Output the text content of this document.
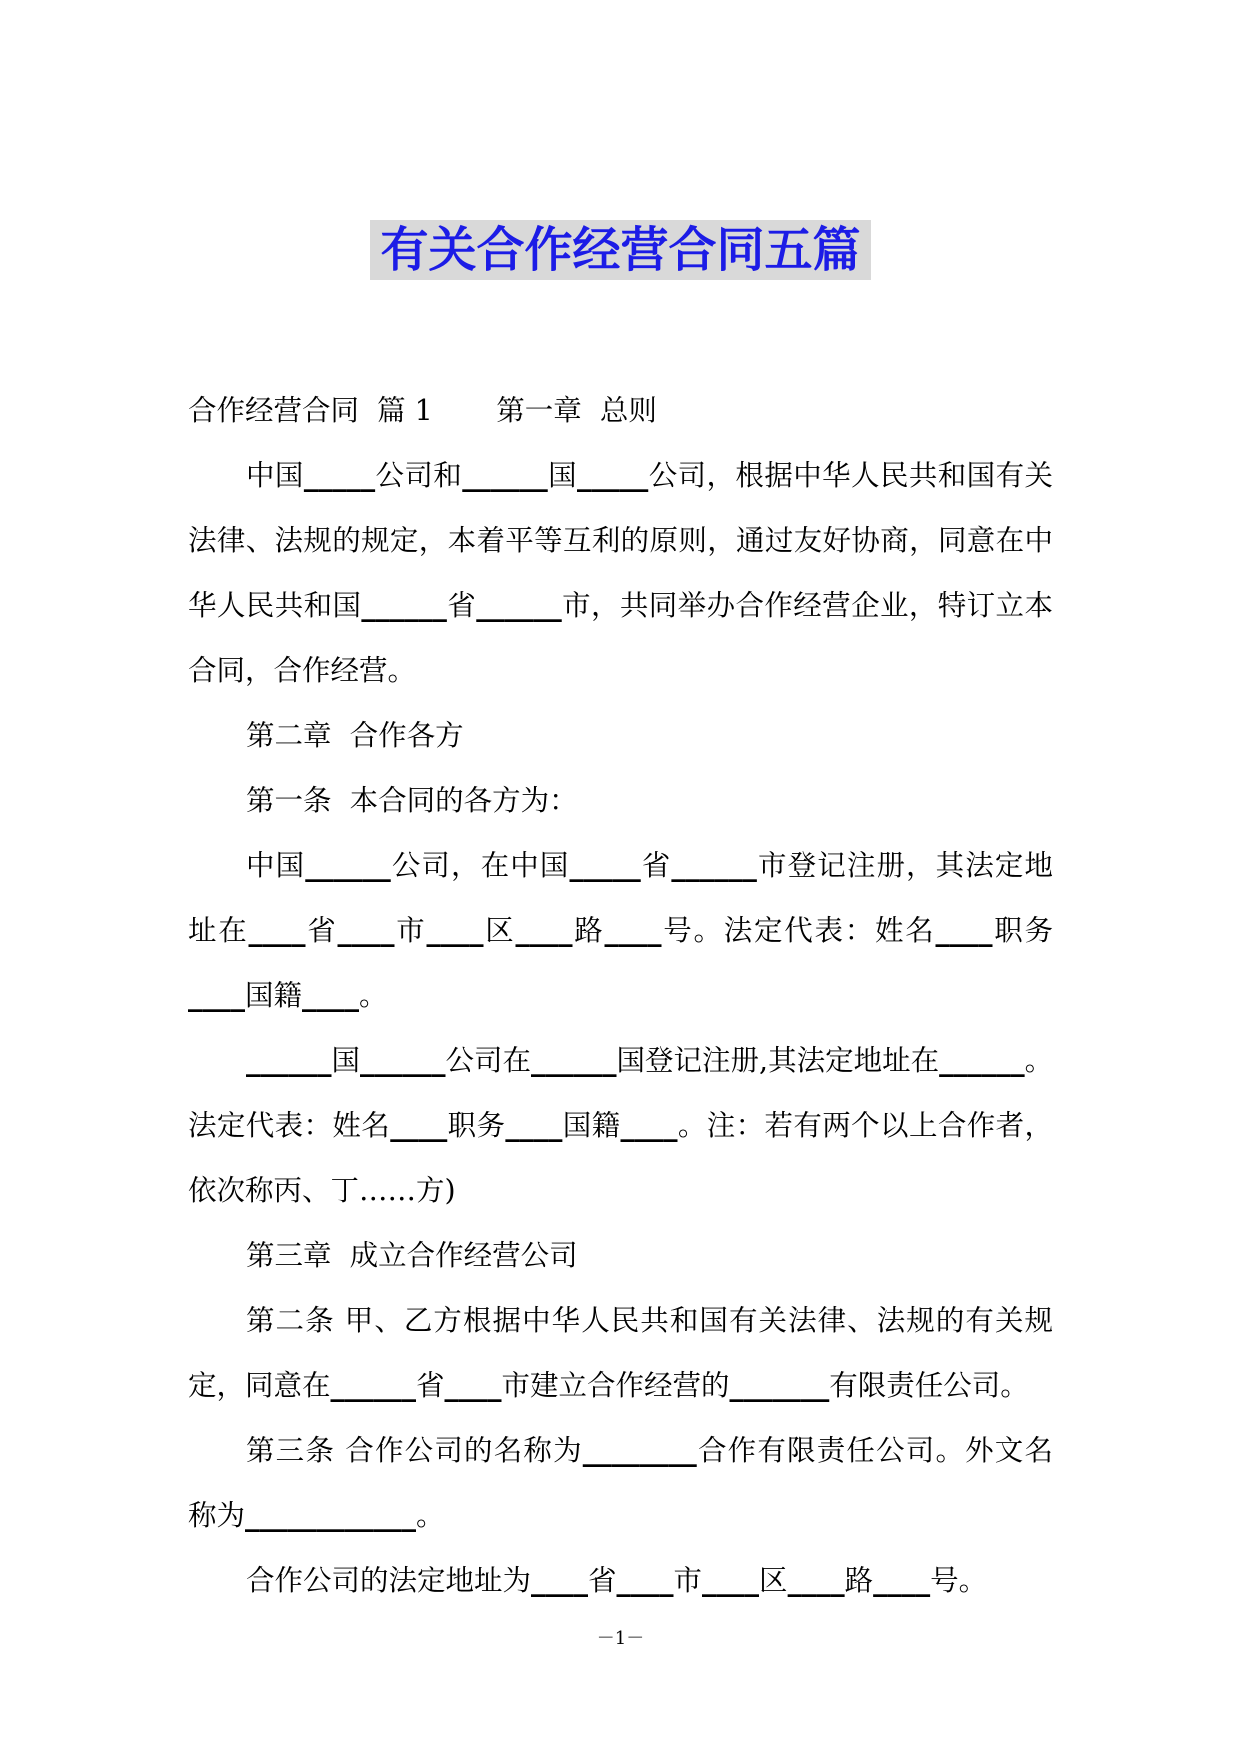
有关合作经营合同五篇
合作经营合同  篇 1       第一章  总则
中国_____公司和______国_____公司，根据中华人民共和国有关
法律、法规的规定，本着平等互利的原则，通过友好协商，同意在中
华人民共和国______省______市，共同举办合作经营企业，特订立本
合同，合作经营。
第二章  合作各方
第一条  本合同的各方为：
中国______公司，在中国_____省______市登记注册，其法定地
址在____省____市____区____路____号。法定代表：姓名____职务
____国籍____。
______国______公司在______国登记注册,其法定地址在______。
法定代表：姓名____职务____国籍____。注：若有两个以上合作者，
依次称丙、丁……方)
第三章  成立合作经营公司
第二条 甲、乙方根据中华人民共和国有关法律、法规的有关规
定，同意在______省____市建立合作经营的_______有限责任公司。
第三条 合作公司的名称为________合作有限责任公司。外文名
称为____________。
合作公司的法定地址为____省____市____区____路____号。
－1－
